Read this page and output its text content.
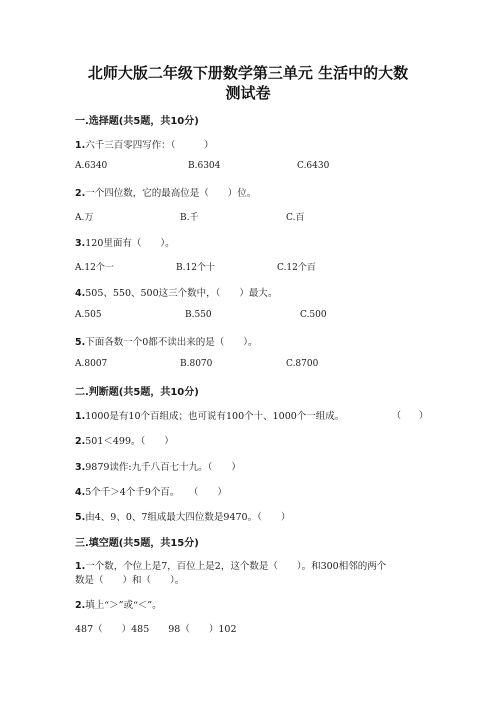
北师大版二年级下册数学第三单元 生活中的大数
测试卷
一.选择题(共5题，共10分)
1.六千三百零四写作：（　　　）
A.6340	B.6304	C.6430
2.一个四位数，它的最高位是（　　）位。
A.万	B.千	C.百
3.120里面有（　　）。
A.12个一	B.12个十	C.12个百
4.505、550、500这三个数中，（　　）最大。
A.505	B.550	C.500
5.下面各数一个0都不读出来的是（　　）。
A.8007	B.8070	C.8700
二.判断题(共5题，共10分)
1.1000是有10个百组成；也可说有100个十、1000个一组成。	（　　）
2.501＜499。（　　）
3.9879读作:九千八百七十九。（　　）
4.5个千＞4个千9个百。　　（　　）
5.由4、9、0、7组成最大四位数是9470。（　　）
三.填空题(共5题，共15分)
1.一个数，个位上是7，百位上是2，这个数是（　　）。和300相邻的两个
数是（　　）和（　　）。
2.填上“＞”或“＜”。
487（　　）485　　98（　　）102
